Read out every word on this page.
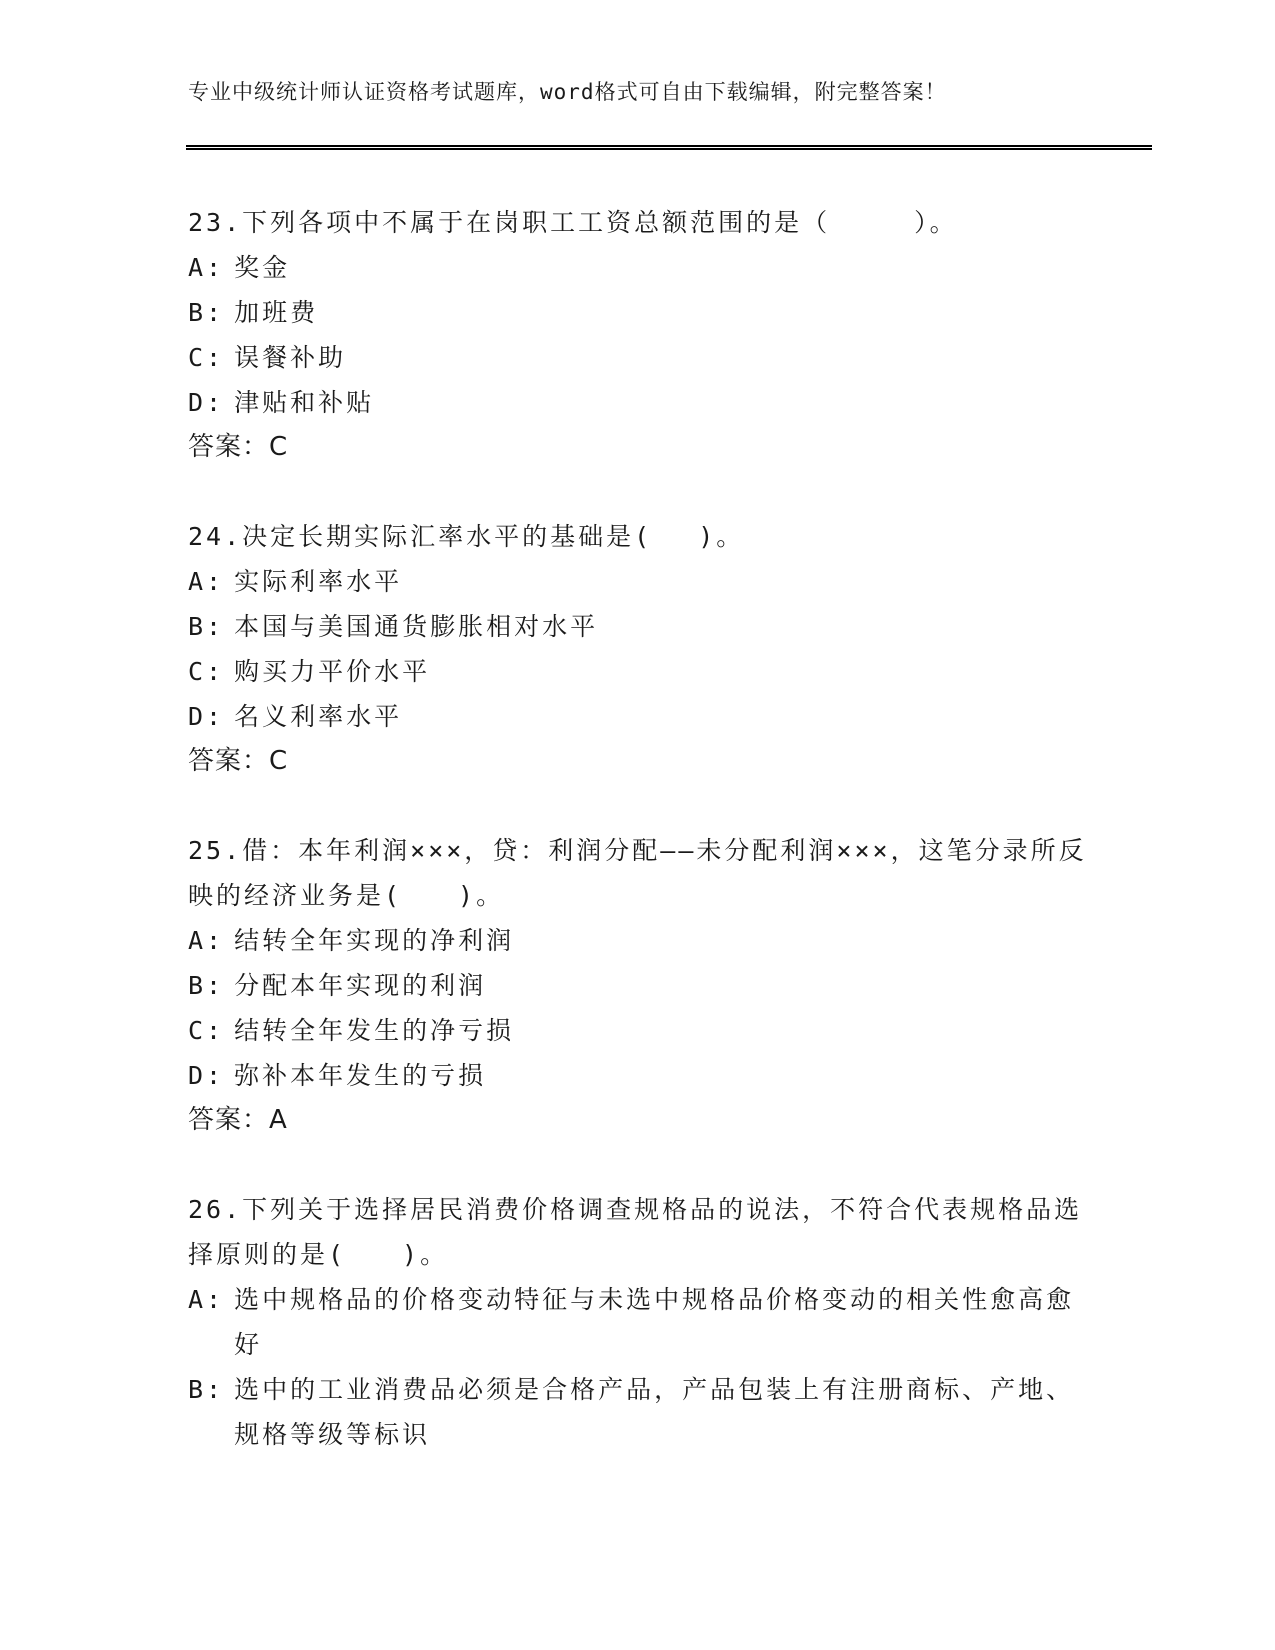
专业中级统计师认证资格考试题库，word格式可自由下载编辑，附完整答案！
23.下列各项中不属于在岗职工工资总额范围的是（　　　）。
A: 奖金
B: 加班费
C: 误餐补助
D: 津贴和补贴
答案：C
24.决定长期实际汇率水平的基础是(　 )。
A: 实际利率水平
B: 本国与美国通货膨胀相对水平
C: 购买力平价水平
D: 名义利率水平
答案：C
25.借：本年利润×××，贷：利润分配——未分配利润×××，这笔分录所反映的经济业务是(　　)。
A: 结转全年实现的净利润
B: 分配本年实现的利润
C: 结转全年发生的净亏损
D: 弥补本年发生的亏损
答案：A
26.下列关于选择居民消费价格调查规格品的说法，不符合代表规格品选择原则的是(　　)。
A: 选中规格品的价格变动特征与未选中规格品价格变动的相关性愈高愈好
B: 选中的工业消费品必须是合格产品，产品包装上有注册商标、产地、规格等级等标识
